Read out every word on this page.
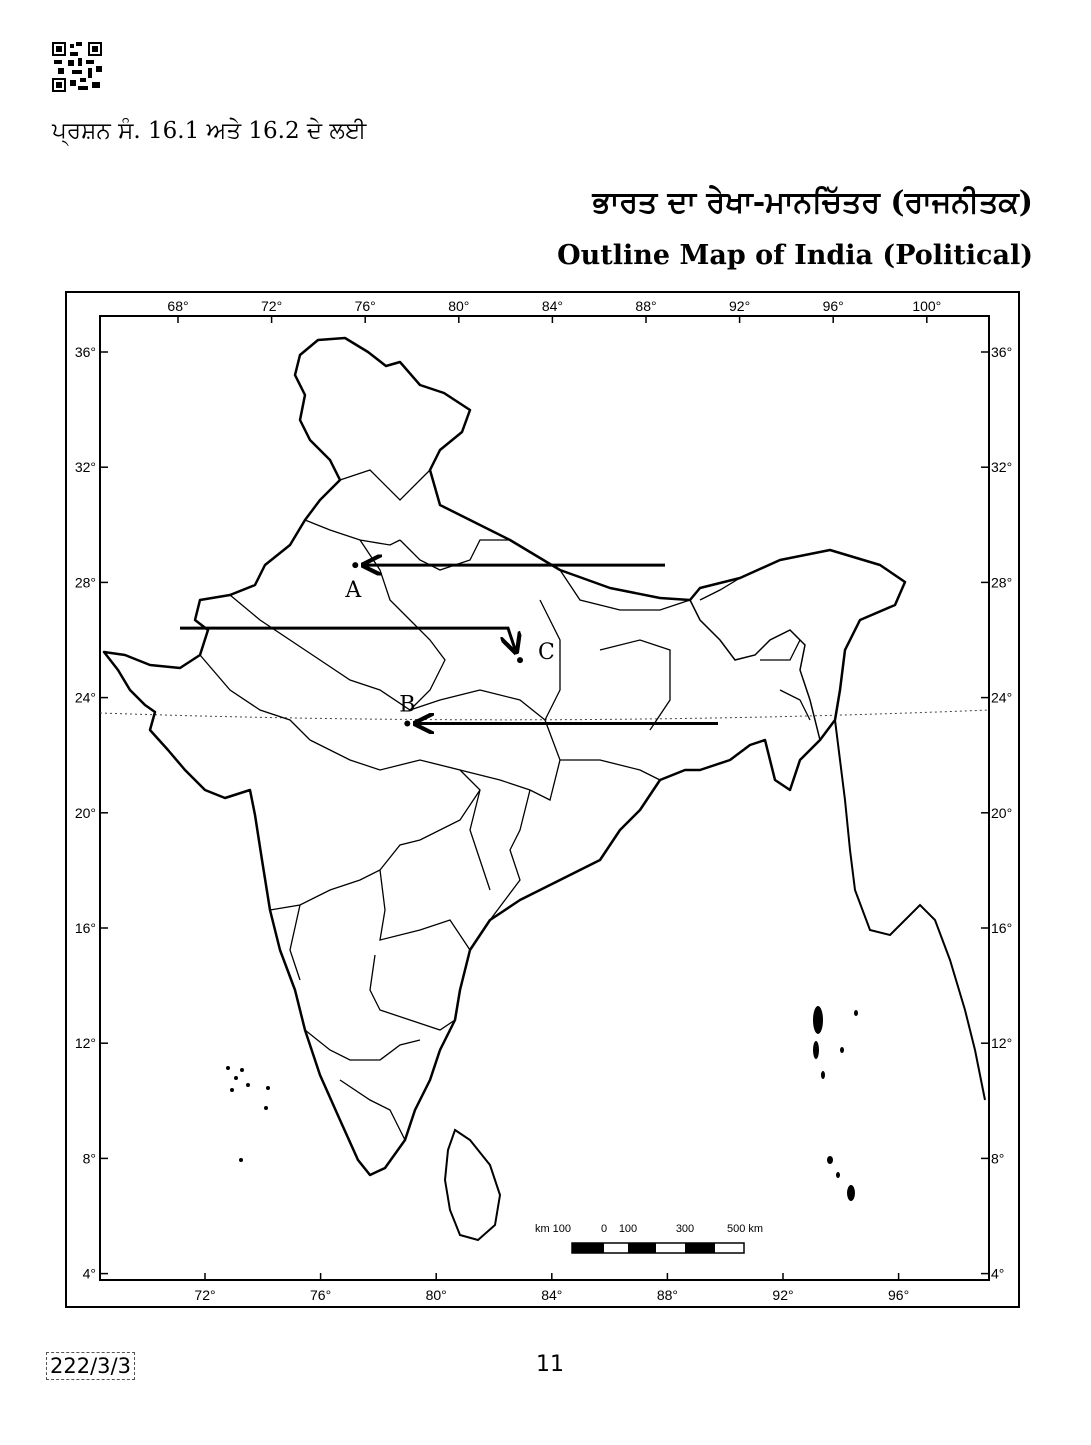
ਪ੍ਰਸ਼ਨ ਸੰ. 16.1 ਅਤੇ 16.2 ਦੇ ਲਈ
ਭਾਰਤ ਦਾ ਰੇਖਾ-ਮਾਨਚਿੱਤਰ (ਰਾਜਨੀਤਕ)
Outline Map of India (Political)
68°	72°	76°	80°	84°	88°	92°	96°	100°
72°	76°	80°	84°	88°	92°	96°
36°
32°
28°
24°
20°
16°
12°
8°
4°
36°
32°
28°
24°
20°
16°
12°
8°
4°
A
B
C
km 100	0 100	300	500 km
222/3/3	11
